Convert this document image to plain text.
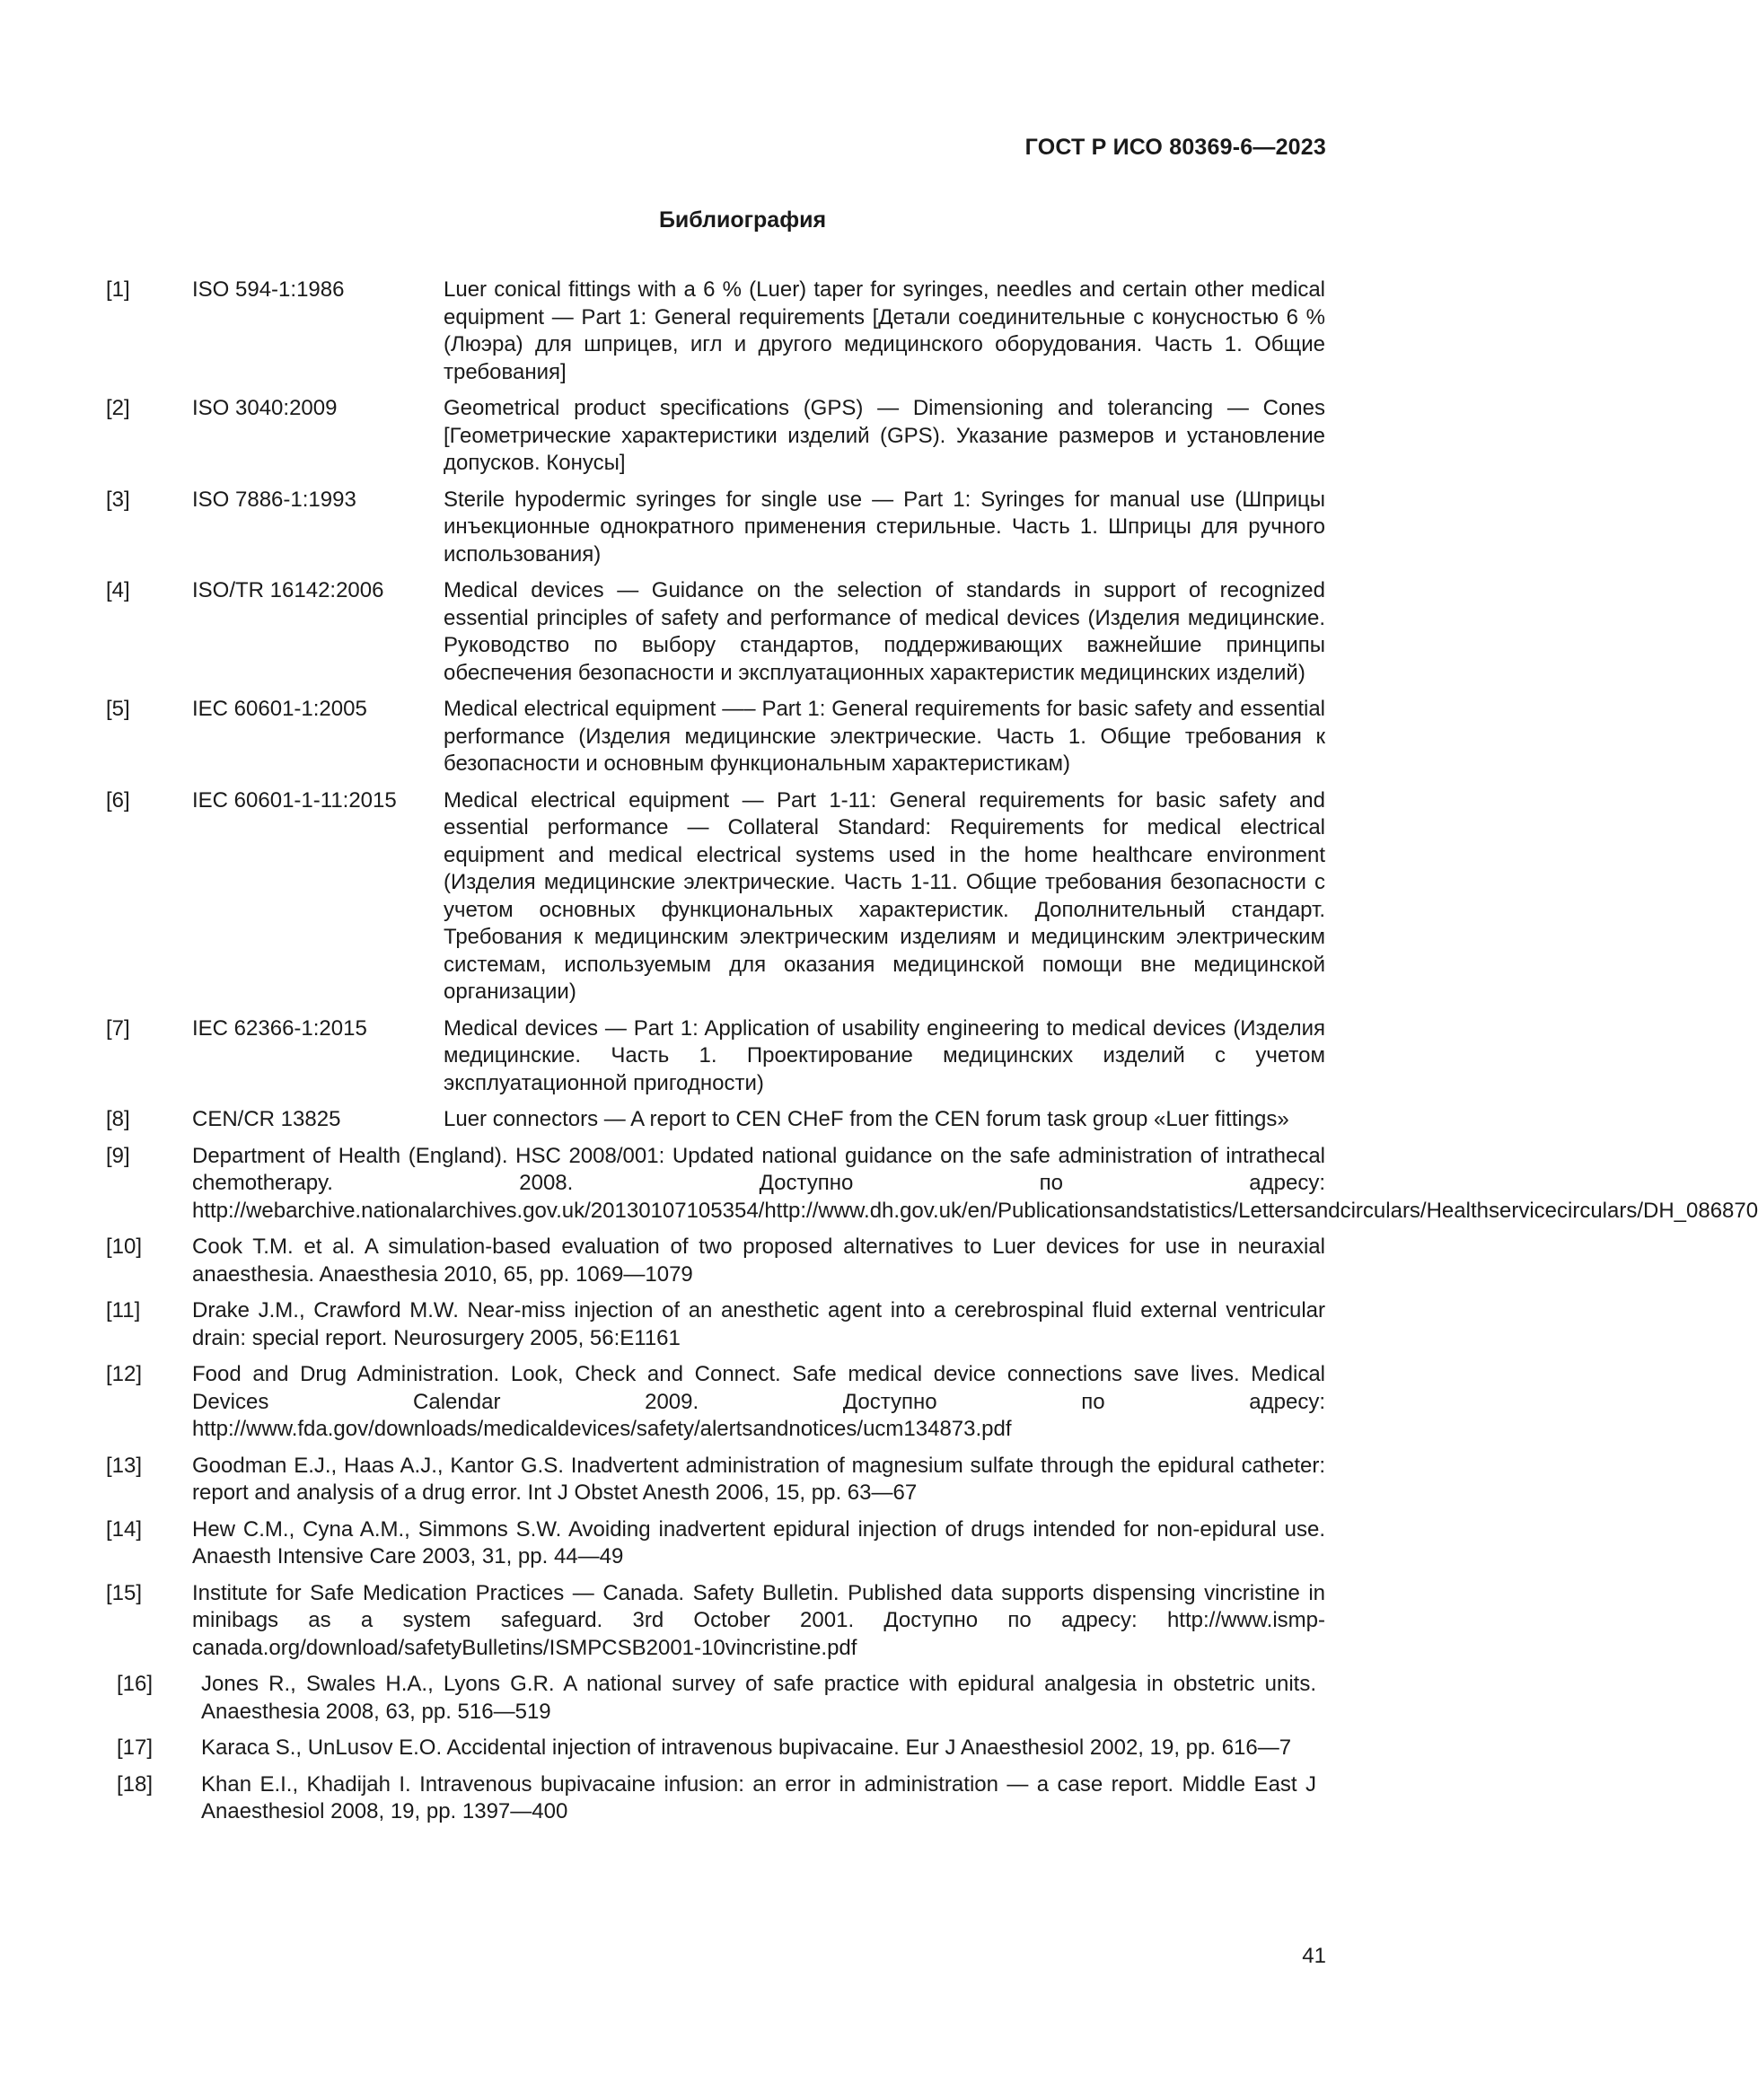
ГОСТ Р ИСО 80369-6—2023
Библиография
[1]	ISO 594-1:1986	Luer conical fittings with a 6 % (Luer) taper for syringes, needles and certain other medical equipment — Part 1: General requirements [Детали соединительные с конусностью 6 % (Люэра) для шприцев, игл и другого медицинского оборудования. Часть 1. Общие требования]
[2]	ISO 3040:2009	Geometrical product specifications (GPS) — Dimensioning and tolerancing — Cones [Геометрические характеристики изделий (GPS). Указание размеров и установление допусков. Конусы]
[3]	ISO 7886-1:1993	Sterile hypodermic syringes for single use — Part 1: Syringes for manual use (Шприцы инъекционные однократного применения стерильные. Часть 1. Шприцы для ручного использования)
[4]	ISO/TR 16142:2006	Medical devices — Guidance on the selection of standards in support of recognized essential principles of safety and performance of medical devices (Изделия медицинские. Руководство по выбору стандартов, поддерживающих важнейшие принципы обеспечения безопасности и эксплуатационных характеристик медицинских изделий)
[5]	IEC 60601-1:2005	Medical electrical equipment —– Part 1: General requirements for basic safety and essential performance (Изделия медицинские электрические. Часть 1. Общие требования к безопасности и основным функциональным характеристикам)
[6]	IEC 60601-1-11:2015 Medical electrical equipment — Part 1-11: General requirements for basic safety and essential performance — Collateral Standard: Requirements for medical electrical equipment and medical electrical systems used in the home healthcare environment (Изделия медицинские электрические. Часть 1-11. Общие требования безопасности с учетом основных функциональных характеристик. Дополнительный стандарт. Требования к медицинским электрическим изделиям и медицинским электрическим системам, используемым для оказания медицинской помощи вне медицинской организации)
[7]	IEC 62366-1:2015	Medical devices — Part 1: Application of usability engineering to medical devices (Изделия медицинские. Часть 1. Проектирование медицинских изделий с учетом эксплуатационной пригодности)
[8]	CEN/CR 13825	Luer connectors — A report to CEN CHeF from the CEN forum task group «Luer fittings»
[9]	Department of Health (England). HSC 2008/001: Updated national guidance on the safe administration of intrathecal chemotherapy. 2008. Доступно по адресу: http://webarchive.nationalarchives.gov.uk/20130107105354/http://www.dh.gov.uk/en/Publicationsandstatistics/Lettersandcirculars/Healthservicecirculars/DH_086870
[10] Cook T.M. et al. A simulation-based evaluation of two proposed alternatives to Luer devices for use in neuraxial anaesthesia. Anaesthesia 2010, 65, pp. 1069—1079
[11] Drake J.M., Crawford M.W. Near-miss injection of an anesthetic agent into a cerebrospinal fluid external ventricular drain: special report. Neurosurgery 2005, 56:E1161
[12] Food and Drug Administration. Look, Check and Connect. Safe medical device connections save lives. Medical Devices Calendar 2009. Доступно по адресу: http://www.fda.gov/downloads/medicaldevices/safety/alertsandnotices/ucm134873.pdf
[13] Goodman E.J., Haas A.J., Kantor G.S. Inadvertent administration of magnesium sulfate through the epidural catheter: report and analysis of a drug error. Int J Obstet Anesth 2006, 15, pp. 63—67
[14] Hew C.M., Cyna A.M., Simmons S.W. Avoiding inadvertent epidural injection of drugs intended for non-epidural use. Anaesth Intensive Care 2003, 31, pp. 44—49
[15] Institute for Safe Medication Practices — Canada. Safety Bulletin. Published data supports dispensing vincristine in minibags as a system safeguard. 3rd October 2001. Доступно по адресу: http://www.ismp-canada.org/download/safetyBulletins/ISMPCSB2001-10vincristine.pdf
[16] Jones R., Swales H.A., Lyons G.R. A national survey of safe practice with epidural analgesia in obstetric units. Anaesthesia 2008, 63, pp. 516—519
[17] Karaca S., UnLusov E.O. Accidental injection of intravenous bupivacaine. Eur J Anaesthesiol 2002, 19, pp. 616—7
[18] Khan E.I., Khadijah I. Intravenous bupivacaine infusion: an error in administration — a case report. Middle East J Anaesthesiol 2008, 19, pp. 1397—400
41
